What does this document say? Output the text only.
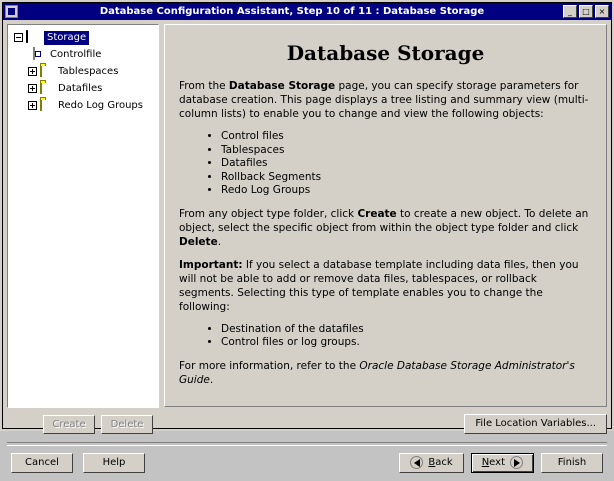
Database Configuration Assistant, Step 10 of 11 : Database Storage	_	□	×
Storage
Controlfile
Tablespaces
Datafiles
Redo Log Groups
Create	Delete
Database Storage

From the Database Storage page, you can specify storage parameters for database creation. This page displays a tree listing and summary view (multi-column lists) to enable you to change and view the following objects:

• Control files
• Tablespaces
• Datafiles
• Rollback Segments
• Redo Log Groups

From any object type folder, click Create to create a new object. To delete an object, select the specific object from within the object type folder and click Delete.

Important: If you select a database template including data files, then you will not be able to add or remove data files, tablespaces, or rollback segments. Selecting this type of template enables you to change the following:

• Destination of the datafiles
• Control files or log groups.

For more information, refer to the Oracle Database Storage Administrator's Guide.

File Location Variables...
Cancel	Help	Back	Next	Finish
